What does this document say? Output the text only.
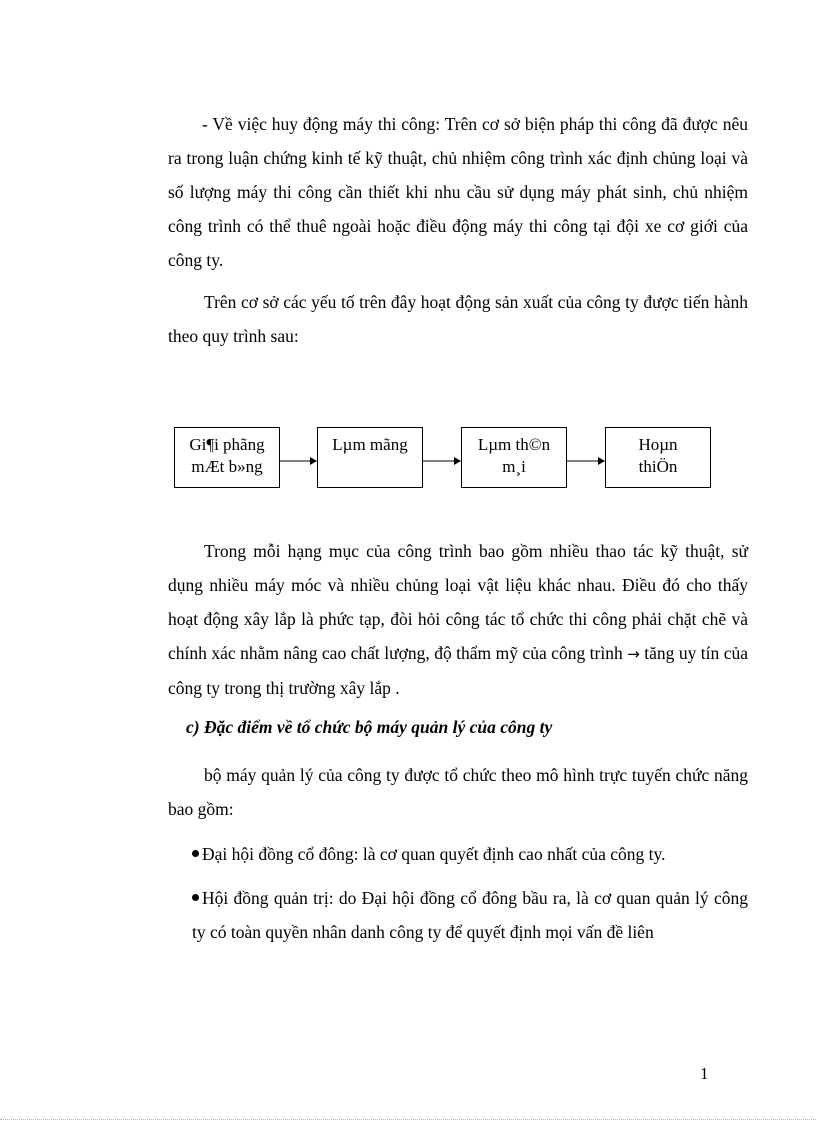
- Về việc huy động máy thi công: Trên cơ sở biện pháp thi công đã được nêu ra trong luận chứng kinh tế kỹ thuật, chủ nhiệm công trình xác định chủng loại và số lượng máy thi công cần thiết khi nhu cầu sử dụng máy phát sinh, chủ nhiệm công trình có thể thuê ngoài hoặc điều động máy thi công tại đội xe cơ giới của công ty.

Trên cơ sở các yếu tố trên đây hoạt động sản xuất của công ty được tiến hành theo quy trình sau:

Gi¶i phãng
mÆt b»ng
Lµm mãng	Lµm th©n
m¸i
Hoµn
thiÖn

Trong mỗi hạng mục của công trình bao gồm nhiều thao tác kỹ thuật, sử dụng nhiều máy móc và nhiều chủng loại vật liệu khác nhau. Điều đó cho thấy hoạt động xây lắp là phức tạp, đòi hỏi công tác tổ chức thi công phải chặt chẽ và chính xác nhằm nâng cao chất lượng, độ thẩm mỹ của công trình → tăng uy tín của công ty trong thị trường xây lắp .

c) Đặc điểm về tổ chức bộ máy quản lý của công ty

bộ máy quản lý của công ty được tổ chức theo mô hình trực tuyến chức năng bao gồm:

Đại hội đồng cổ đông: là cơ quan quyết định cao nhất của công ty.

Hội đồng quản trị: do Đại hội đồng cổ đông bầu ra, là cơ quan quản lý công ty có toàn quyền nhân danh công ty để quyết định mọi vấn đề liên

1
